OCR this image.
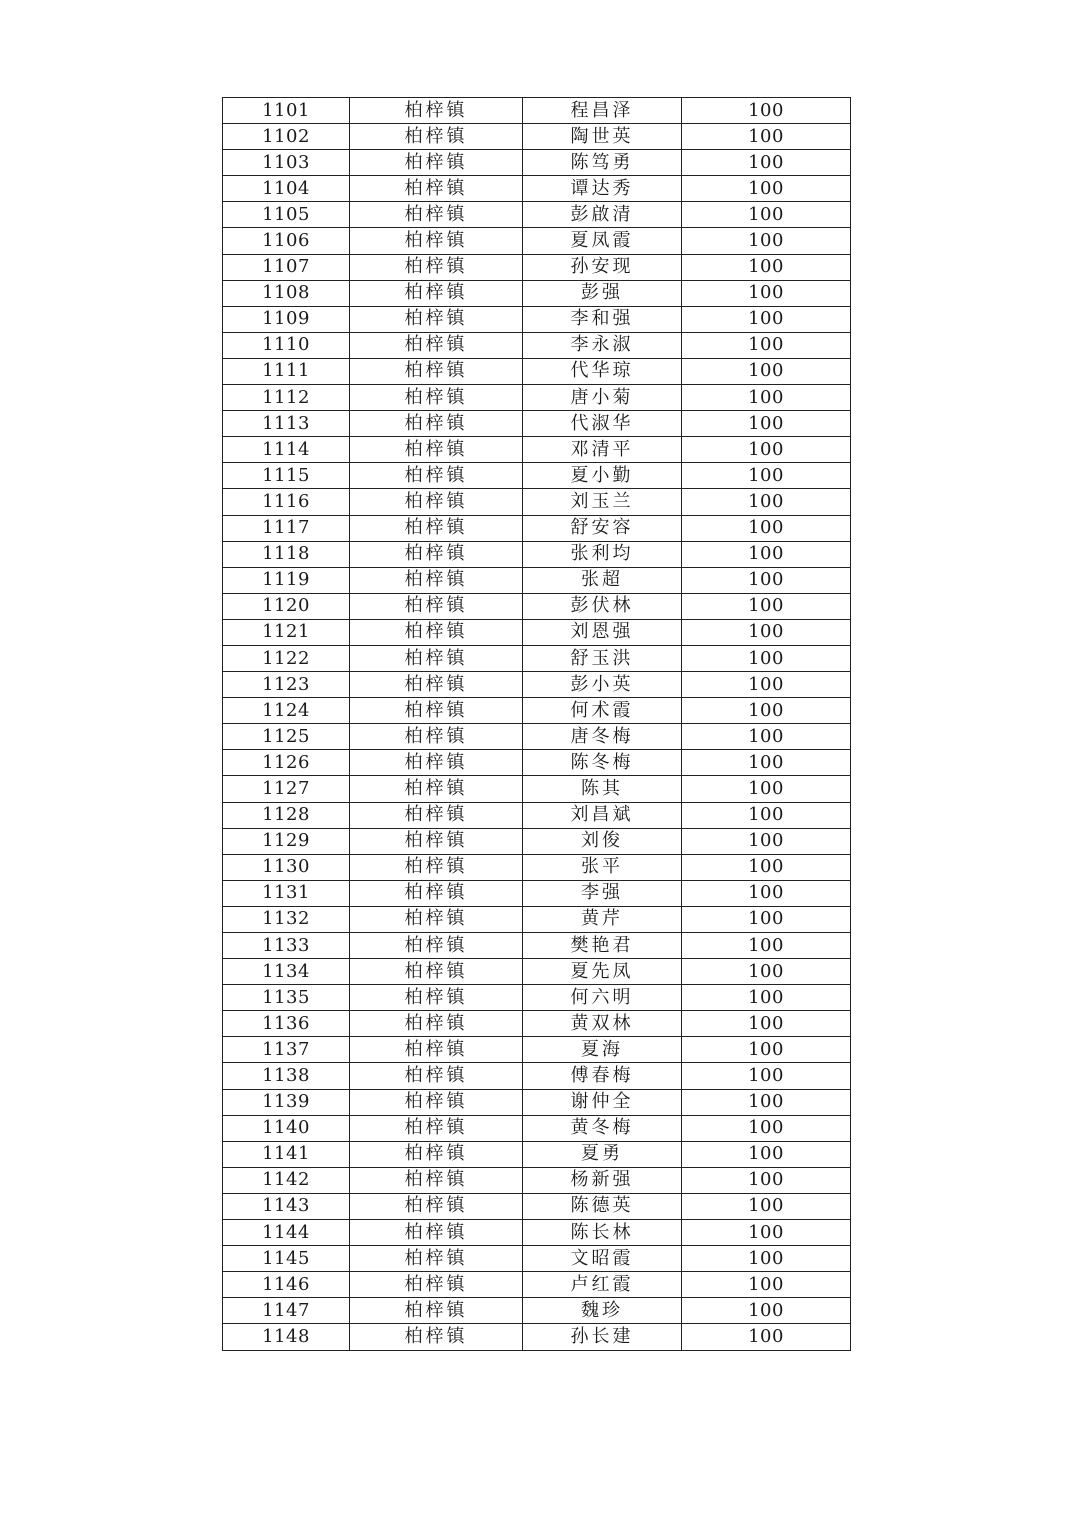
1101	柏梓镇	程昌泽	100
1102	柏梓镇	陶世英	100
1103	柏梓镇	陈笃勇	100
1104	柏梓镇	谭达秀	100
1105	柏梓镇	彭啟清	100
1106	柏梓镇	夏凤霞	100
1107	柏梓镇	孙安现	100
1108	柏梓镇	彭强	100
1109	柏梓镇	李和强	100
1110	柏梓镇	李永淑	100
1111	柏梓镇	代华琼	100
1112	柏梓镇	唐小菊	100
1113	柏梓镇	代淑华	100
1114	柏梓镇	邓清平	100
1115	柏梓镇	夏小勤	100
1116	柏梓镇	刘玉兰	100
1117	柏梓镇	舒安容	100
1118	柏梓镇	张利均	100
1119	柏梓镇	张超	100
1120	柏梓镇	彭伏林	100
1121	柏梓镇	刘恩强	100
1122	柏梓镇	舒玉洪	100
1123	柏梓镇	彭小英	100
1124	柏梓镇	何术霞	100
1125	柏梓镇	唐冬梅	100
1126	柏梓镇	陈冬梅	100
1127	柏梓镇	陈其	100
1128	柏梓镇	刘昌斌	100
1129	柏梓镇	刘俊	100
1130	柏梓镇	张平	100
1131	柏梓镇	李强	100
1132	柏梓镇	黄芹	100
1133	柏梓镇	樊艳君	100
1134	柏梓镇	夏先凤	100
1135	柏梓镇	何六明	100
1136	柏梓镇	黄双林	100
1137	柏梓镇	夏海	100
1138	柏梓镇	傅春梅	100
1139	柏梓镇	谢仲全	100
1140	柏梓镇	黄冬梅	100
1141	柏梓镇	夏勇	100
1142	柏梓镇	杨新强	100
1143	柏梓镇	陈德英	100
1144	柏梓镇	陈长林	100
1145	柏梓镇	文昭霞	100
1146	柏梓镇	卢红霞	100
1147	柏梓镇	魏珍	100
1148	柏梓镇	孙长建	100
